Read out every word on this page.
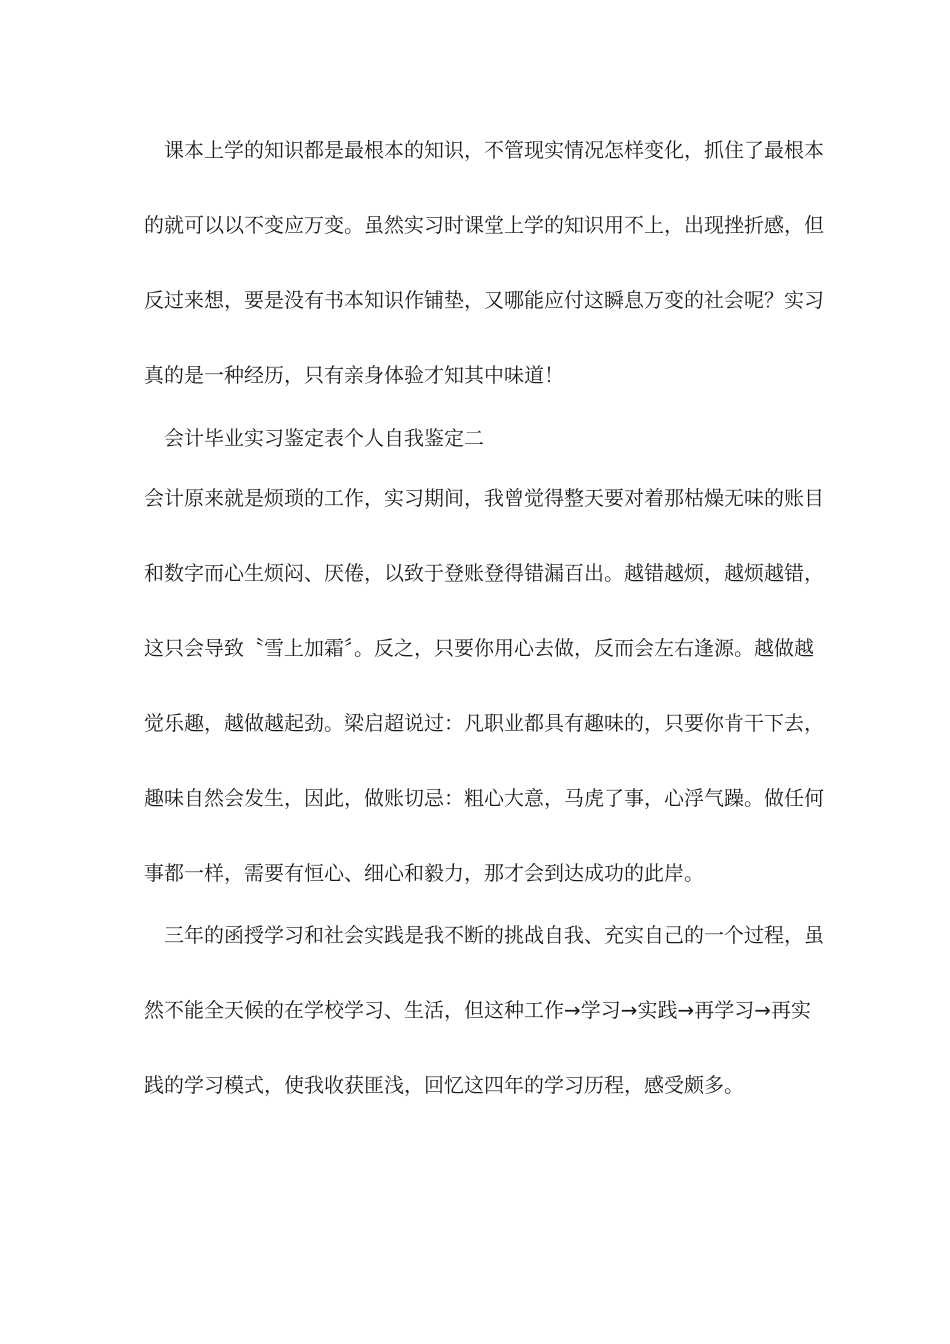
　课本上学的知识都是最根本的知识，不管现实情况怎样变化，抓住了最根本
的就可以以不变应万变。虽然实习时课堂上学的知识用不上，出现挫折感，但
反过来想，要是没有书本知识作铺垫，又哪能应付这瞬息万变的社会呢？实习
真的是一种经历，只有亲身体验才知其中味道！
　会计毕业实习鉴定表个人自我鉴定二
会计原来就是烦琐的工作，实习期间，我曾觉得整天要对着那枯燥无味的账目
和数字而心生烦闷、厌倦，以致于登账登得错漏百出。越错越烦，越烦越错，
这只会导致〝雪上加霜〞。反之，只要你用心去做，反而会左右逢源。越做越
觉乐趣，越做越起劲。梁启超说过：凡职业都具有趣味的，只要你肯干下去，
趣味自然会发生，因此，做账切忌：粗心大意，马虎了事，心浮气躁。做任何
事都一样，需要有恒心、细心和毅力，那才会到达成功的此岸。
　三年的函授学习和社会实践是我不断的挑战自我、充实自己的一个过程，虽
然不能全天候的在学校学习、生活，但这种工作→学习→实践→再学习→再实
践的学习模式，使我收获匪浅，回忆这四年的学习历程，感受颇多。
